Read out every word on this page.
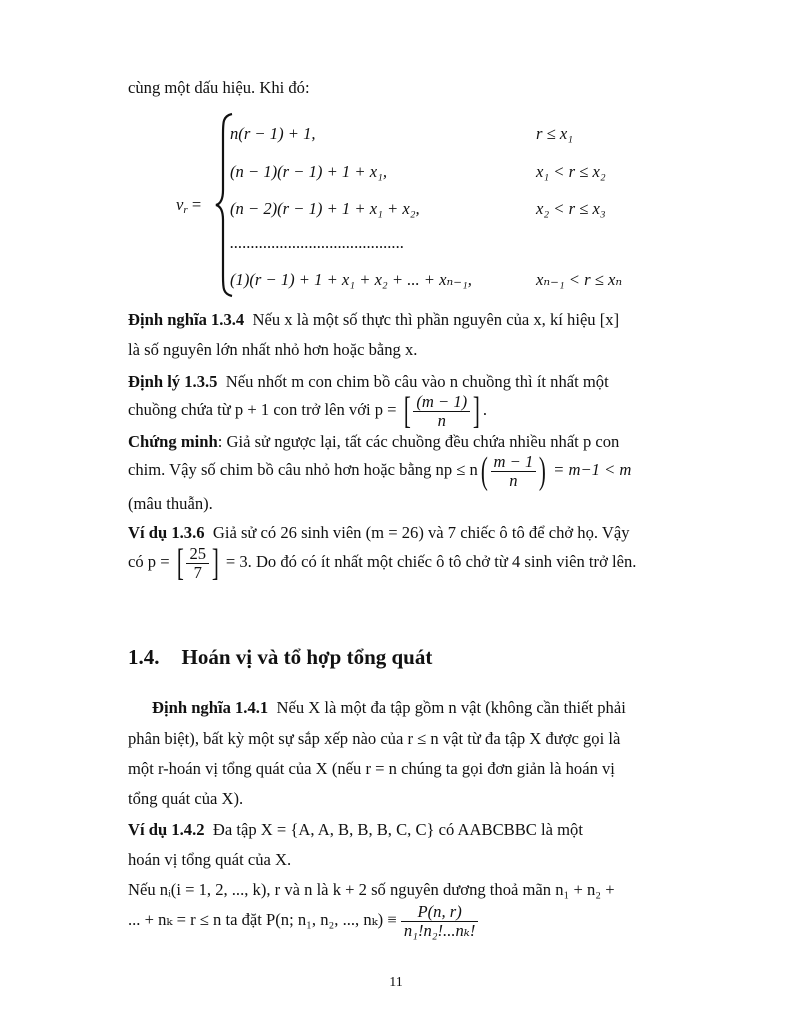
cùng một dấu hiệu. Khi đó:
$v_r$ =
n(r − 1) + 1,	r ≤ x₁
(n − 1)(r − 1) + 1 + x₁,	x₁ < r ≤ x₂
(n − 2)(r − 1) + 1 + x₁ + x₂,	x₂ < r ≤ x₃
..........................................
(1)(r − 1) + 1 + x₁ + x₂ + ... + xₙ₋₁,	xₙ₋₁ < r ≤ xₙ
Định nghĩa 1.3.4 Nếu x là một số thực thì phần nguyên của x, kí hiệu [x]
là số nguyên lớn nhất nhỏ hơn hoặc bằng x.
Định lý 1.3.5 Nếu nhốt m con chim bồ câu vào n chuồng thì ít nhất một
chuồng chứa từ p + 1 con trở lên với p = [ $\frac{(m - 1)}{n}$ ] .
Chứng minh: Giả sử ngược lại, tất các chuồng đều chứa nhiều nhất p con
chim. Vậy số chim bồ câu nhỏ hơn hoặc bằng np ≤ $n( \frac{m - 1}{n}$ ) = m−1 < m
(mâu thuẫn).
Ví dụ 1.3.6 Giả sử có 26 sinh viên (m = 26) và 7 chiếc ô tô để chở họ. Vậy
có p = [ $\frac{25}{7}$ ] = 3. Do đó có ít nhất một chiếc ô tô chở từ 4 sinh viên trở lên.
1.4. Hoán vị và tổ hợp tổng quát
Định nghĩa 1.4.1 Nếu X là một đa tập gồm n vật (không cần thiết phải
phân biệt), bất kỳ một sự sắp xếp nào của r ≤ n vật từ đa tập X được gọi là
một r-hoán vị tổng quát của X (nếu r = n chúng ta gọi đơn giản là hoán vị
tổng quát của X).
Ví dụ 1.4.2 Đa tập X = {A, A, B, B, B, C, C} có AABCBBC là một
hoán vị tổng quát của X.
Nếu nᵢ(i = 1, 2, ..., k), r và n là k + 2 số nguyên dương thoả mãn n₁ + n₂ +
... + nₖ = r ≤ n ta đặt P(n; n₁, n₂, ..., $n_k) \equiv \frac{P(n, r)}{\text{n₁!n₂!...nₖ!}}$
11
